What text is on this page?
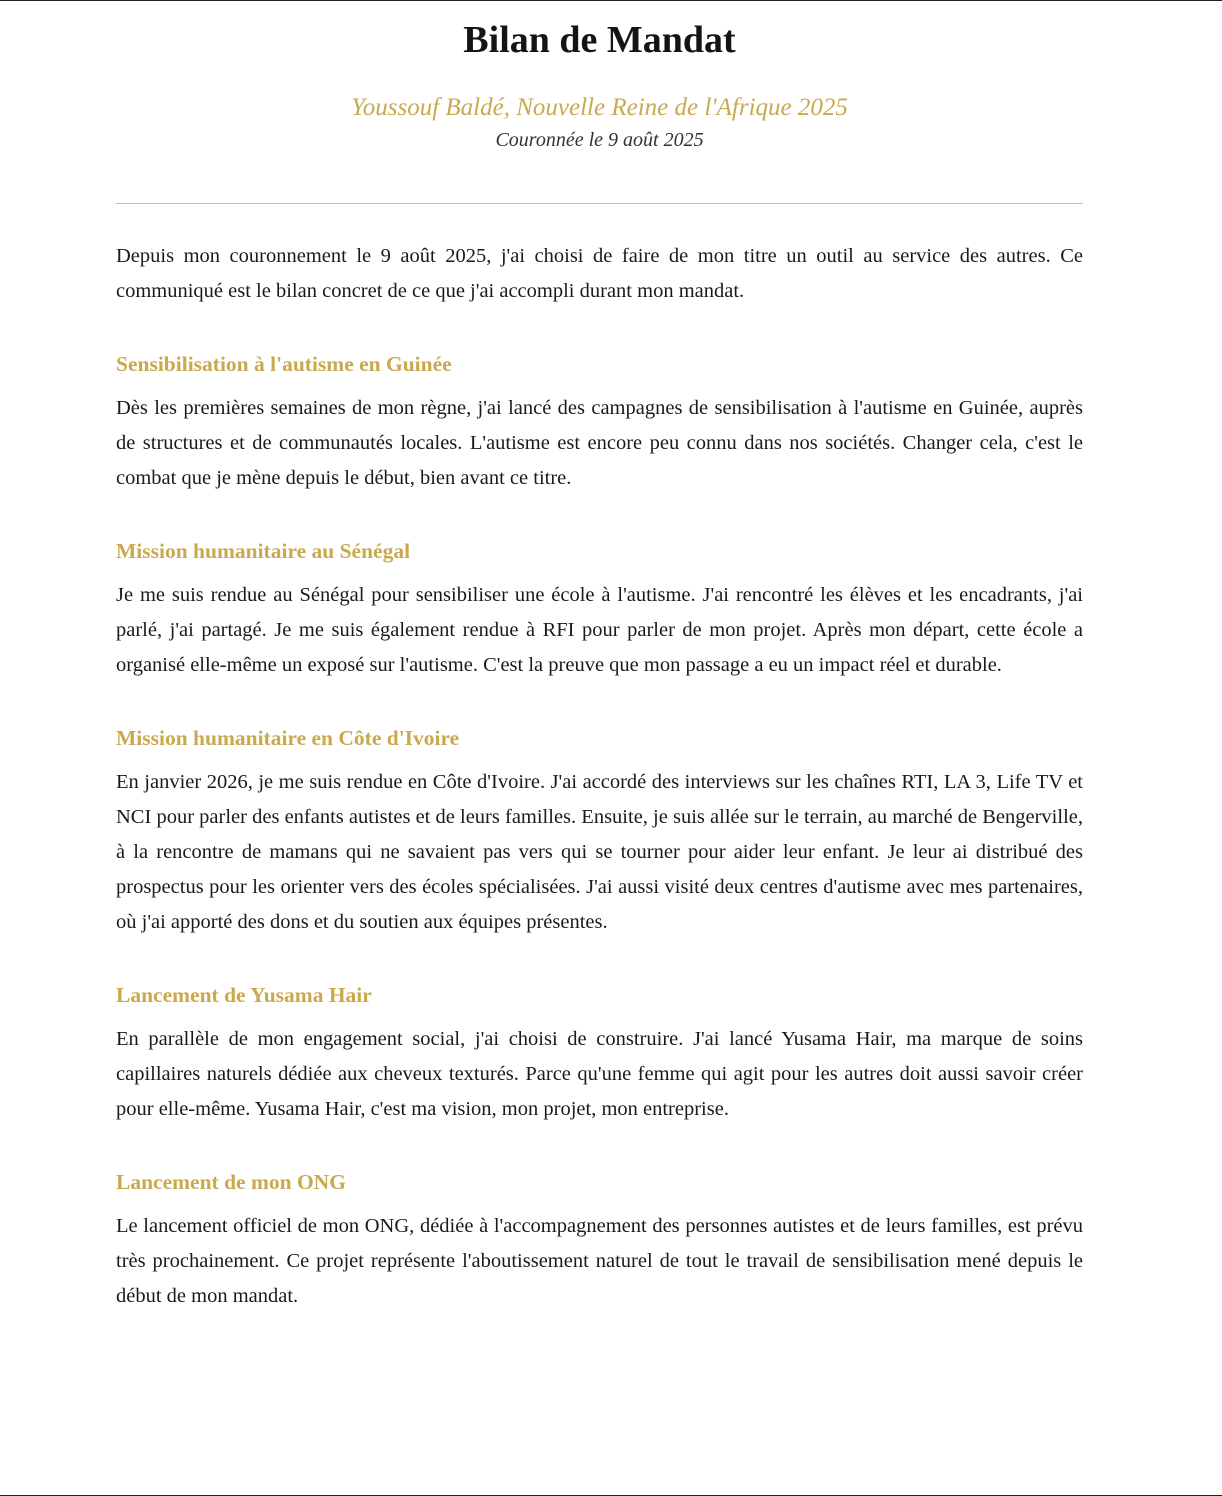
Bilan de Mandat
Youssouf Baldé, Nouvelle Reine de l'Afrique 2025
Couronnée le 9 août 2025

Depuis mon couronnement le 9 août 2025, j'ai choisi de faire de mon titre un outil au service des autres. Ce communiqué est le bilan concret de ce que j'ai accompli durant mon mandat.

Sensibilisation à l'autisme en Guinée

Dès les premières semaines de mon règne, j'ai lancé des campagnes de sensibilisation à l'autisme en Guinée, auprès de structures et de communautés locales. L'autisme est encore peu connu dans nos sociétés. Changer cela, c'est le combat que je mène depuis le début, bien avant ce titre.

Mission humanitaire au Sénégal

Je me suis rendue au Sénégal pour sensibiliser une école à l'autisme. J'ai rencontré les élèves et les encadrants, j'ai parlé, j'ai partagé. Je me suis également rendue à RFI pour parler de mon projet. Après mon départ, cette école a organisé elle-même un exposé sur l'autisme. C'est la preuve que mon passage a eu un impact réel et durable.

Mission humanitaire en Côte d'Ivoire

En janvier 2026, je me suis rendue en Côte d'Ivoire. J'ai accordé des interviews sur les chaînes RTI, LA 3, Life TV et NCI pour parler des enfants autistes et de leurs familles. Ensuite, je suis allée sur le terrain, au marché de Bengerville, à la rencontre de mamans qui ne savaient pas vers qui se tourner pour aider leur enfant. Je leur ai distribué des prospectus pour les orienter vers des écoles spécialisées. J'ai aussi visité deux centres d'autisme avec mes partenaires, où j'ai apporté des dons et du soutien aux équipes présentes.

Lancement de Yusama Hair

En parallèle de mon engagement social, j'ai choisi de construire. J'ai lancé Yusama Hair, ma marque de soins capillaires naturels dédiée aux cheveux texturés. Parce qu'une femme qui agit pour les autres doit aussi savoir créer pour elle-même. Yusama Hair, c'est ma vision, mon projet, mon entreprise.

Lancement de mon ONG

Le lancement officiel de mon ONG, dédiée à l'accompagnement des personnes autistes et de leurs familles, est prévu très prochainement. Ce projet représente l'aboutissement naturel de tout le travail de sensibilisation mené depuis le début de mon mandat.
